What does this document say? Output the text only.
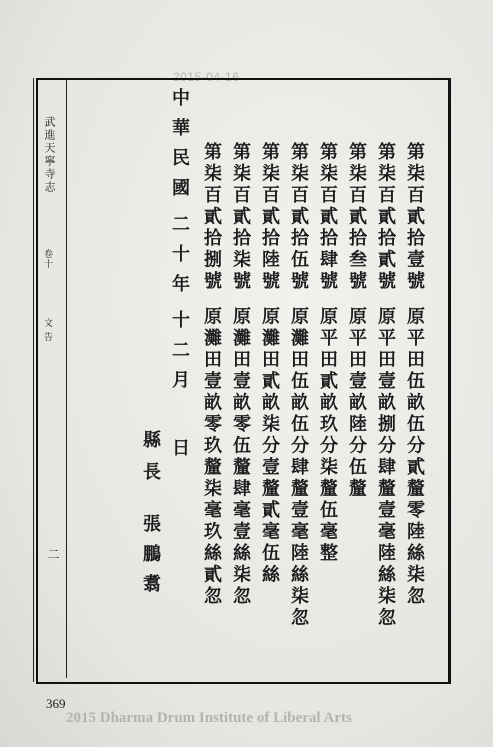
2015-04-16
武進天寧寺志
卷十
文告
二
第柒百貳拾壹號原平田伍畝伍分貳釐零陸絲柒忽
第柒百貳拾貳號原平田壹畝捌分肆釐壹毫陸絲柒忽
第柒百貳拾叁號原平田壹畝陸分伍釐
第柒百貳拾肆號原平田貳畝玖分柒釐伍毫整
第柒百貳拾伍號原灘田伍畝伍分肆釐壹毫陸絲柒忽
第柒百貳拾陸號原灘田貳畝柒分壹釐貳毫伍絲
第柒百貳拾柒號原灘田壹畝零伍釐肆毫壹絲柒忽
第柒百貳拾捌號原灘田壹畝零玖釐柒毫玖絲貳忽
中華民國二十年十二月日
縣長
張鵬翥
369
2015 Dharma Drum Institute of Liberal Arts
